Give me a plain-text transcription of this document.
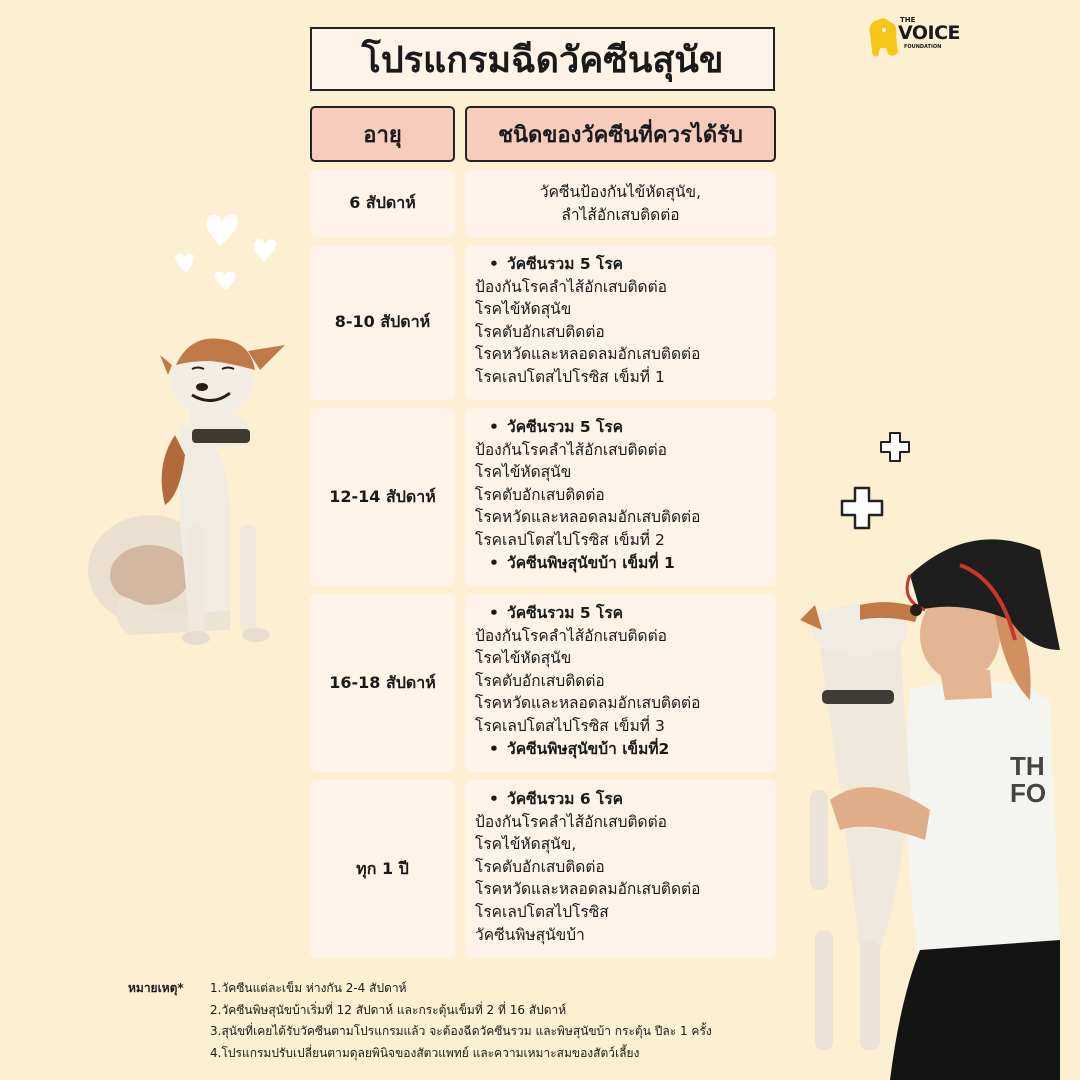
THE
VOICE
FOUNDATION
โปรแกรมฉีดวัคซีนสุนัข
อายุ	ชนิดของวัคซีนที่ควรได้รับ
6 สัปดาห์
วัคซีนป้องกันไข้หัดสุนัข,
ลำไส้อักเสบติดต่อ
8-10 สัปดาห์
• วัคซีนรวม 5 โรค
ป้องกันโรคลำไส้อักเสบติดต่อ
โรคไข้หัดสุนัข
โรคตับอักเสบติดต่อ
โรคหวัดและหลอดลมอักเสบติดต่อ
โรคเลปโตสไปโรซิส เข็มที่ 1
12-14 สัปดาห์
• วัคซีนรวม 5 โรค
ป้องกันโรคลำไส้อักเสบติดต่อ
โรคไข้หัดสุนัข
โรคตับอักเสบติดต่อ
โรคหวัดและหลอดลมอักเสบติดต่อ
โรคเลปโตสไปโรซิส เข็มที่ 2
• วัคซีนพิษสุนัขบ้า เข็มที่ 1
16-18 สัปดาห์
• วัคซีนรวม 5 โรค
ป้องกันโรคลำไส้อักเสบติดต่อ
โรคไข้หัดสุนัข
โรคตับอักเสบติดต่อ
โรคหวัดและหลอดลมอักเสบติดต่อ
โรคเลปโตสไปโรซิส เข็มที่ 3
• วัคซีนพิษสุนัขบ้า เข็มที่2
ทุก 1 ปี
• วัคซีนรวม 6 โรค
ป้องกันโรคลำไส้อักเสบติดต่อ
โรคไข้หัดสุนัข,
โรคตับอักเสบติดต่อ
โรคหวัดและหลอดลมอักเสบติดต่อ
โรคเลปโตสไปโรซิส
วัคซีนพิษสุนัขบ้า
หมายเหตุ*	1.วัคซีนแต่ละเข็ม ห่างกัน 2-4 สัปดาห์
2.วัคซีนพิษสุนัขบ้าเริ่มที่ 12 สัปดาห์ และกระตุ้นเข็มที่ 2 ที่ 16 สัปดาห์
3.สุนัขที่เคยได้รับวัคซีนตามโปรแกรมแล้ว จะต้องฉีดวัคซีนรวม และพิษสุนัขบ้า กระตุ้น ปีละ 1 ครั้ง
4.โปรแกรมปรับเปลี่ยนตามดุลยพินิจของสัตวแพทย์ และความเหมาะสมของสัตว์เลี้ยง
TH
FO
